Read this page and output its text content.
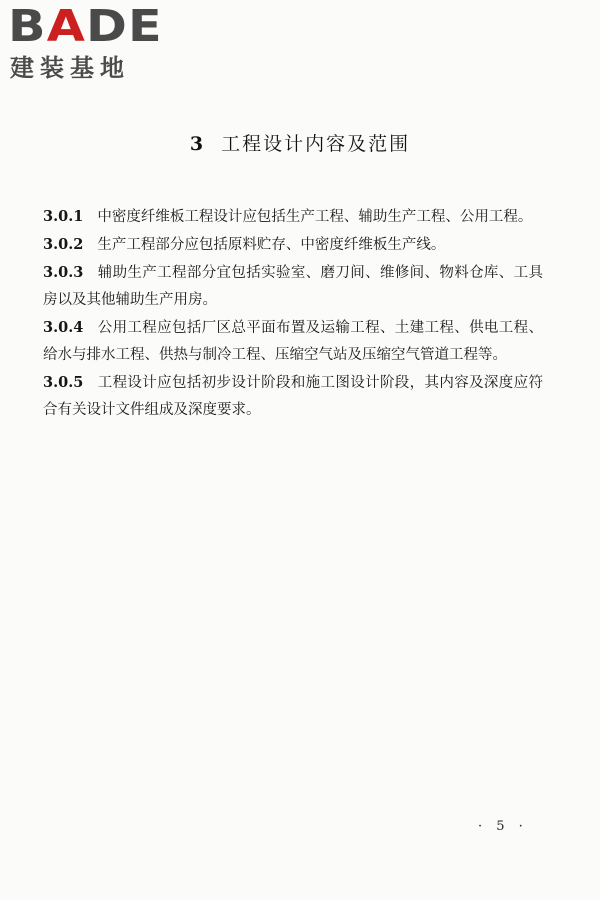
BADE
建装基地
3 工程设计内容及范围

3.0.1 中密度纤维板工程设计应包括生产工程、辅助生产工程、公用工程。

3.0.2 生产工程部分应包括原料贮存、中密度纤维板生产线。

3.0.3 辅助生产工程部分宜包括实验室、磨刀间、维修间、物料仓库、工具房以及其他辅助生产用房。

3.0.4 公用工程应包括厂区总平面布置及运输工程、土建工程、供电工程、给水与排水工程、供热与制冷工程、压缩空气站及压缩空气管道工程等。

3.0.5 工程设计应包括初步设计阶段和施工图设计阶段，其内容及深度应符合有关设计文件组成及深度要求。

· 5 ·
